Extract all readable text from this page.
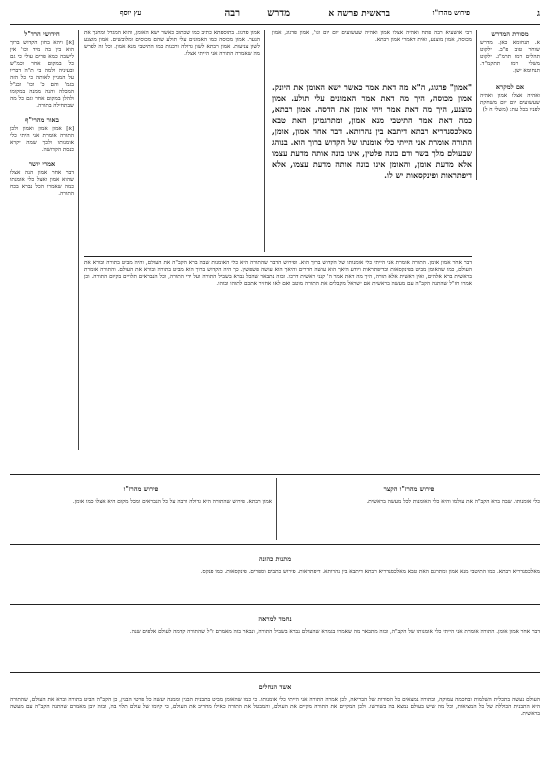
ג
פירוש מהרז"ו
בראשית פרשה א
מדרש
רבה
עץ יוסף

מסורת המדרש

א. תנחומא כאן. מדרש שוחר טוב פ"ב. ילקוט תהלים רמז תרמ"ג. ילקוט משלי רמז תתקמ"ד. תנחומא ישן.

אם למקרא

ואהיה אצלו אמון ואהיה שעשועים יום יום משחקת לפניו בכל עת: (משלי ח ל)

חידושי הרד"ל

[א] ויהא בחון הקדוש ברוך הוא בין בה מיד וכו' אין לישבה כמא פרים עולי כי גם כל במקום אחר וכמ"ש ובעיניה ולמה בי ת"ה דבריו על המניין לאותה כי כל הזה בגמ' והם כ' וכו' ובנ"ל המכלה והנה ממנה במקומו ולהלן במקום אחר וגם כל מה שבתחילה בתורה.

באור מהרי"ף

[א] אמון אמון ואמון ולכן התורה אומרת אני היתי כלי אומנותו ולכך שמה יקרא כנסת הקדושה.

אמרי יושר

דבר אחר אמון הנה אצלו שהוא אמון ואצל כלי אומנתו כמה שאמרו הכל נברא בכח התורה.

רבי אושעיא רבה פתח ואהיה אצלו אמון ואהיה שעשועים יום יום וגו', אמון פדגוג, אמון מכוסה, אמון מוצנע, ואית דאמרי אמון רבתא.

"אמון" פדגוג, ה"א מה דאת אמר כאשר ישא האומן את היונק. אמון מכוסה, היך מה דאת אמר האמונים עלי תולע. אמון מוצנע, היך מה דאת אמר ויהי אומן את הדסה. אמון רבתא, כמה דאת אמר התיטבי מנא אמון, ומתרגמינן האת טבא מאלכסנדריא רבתא דיתבא בין נהרותא. דבר אחר אמון, אומן, התורה אומרת אני הייתי כלי אומנתו של הקדוש ברוך הוא. בנוהג שבעולם מלך בשר ודם בונה פלטין, אינו בונה אותה מדעת עצמו אלא מדעת אומן, והאומן אינו בונה אותה מדעת עצמו, אלא דיפתראות ופינקסאות יש לו.

אמון פדגוג. בתוספתא כתיב כמו שכתוב כאשר ישא האומן, והוא המגדל ומחנך את הנער. אמון מכוסה כמו האמונים עלי תולע שהם מכוסים ומלובשים. אמון מוצנע לשון צניעות. אמון רבתא לשון גדולה ורבנות כמו התיטבי מנא אמון. וכל זה לפרש מה שאמרה התורה אני הייתי אצלו.

דבר אחר אמון אומן. התורה אומרת אני הייתי כלי אומנותו של הקדוש ברוך הוא. ופירוש הדבר שהתורה היא כלי האומנות שבה ברא הקב"ה את העולם, והיה מביט בתורה ובורא את העולם, כמו שהאומן מביט בפינקסאות ובדיפתראות ויודע היאך הוא עושה חדרים והיאך הוא עושה פשפשין. כך היה הקדוש ברוך הוא מביט בתורה ובורא את העולם. והתורה אומרת בראשית ברא אלהים, ואין ראשית אלא תורה, היך מה דאת אמר ה' קנני ראשית דרכו. ובזה נתבאר שהכל נברא בשביל התורה ועל ידי התורה, וכל הנבראים תלויים בקיום התורה. וכן אמרו חז"ל שהתנה הקב"ה עם מעשה בראשית אם ישראל מקבלים את התורה מוטב ואם לאו אחזיר אתכם לתוהו ובוהו.

פירוש מהרז"ו הקצר

כלי אומנותו. שבה ברא הקב"ה את עולמו והיא כלי האומנות לכל מעשה בראשית.

פירוש מהרז"ו

אמון רבתא. פירוש שהתורה היא גדולה ורבה על כל הנבראים ומכל מקום היא אצלו כמו אומן.

מתנות כהונה

מאלכסנדריא רבתא. כמו התיטבי מנא אמון ומתרגם האת טבא מאלכסנדריא רבתא דיתבא בין נהרותא. דיפתראות. פירוש כתבים וספרים. פינקסאות. כמו פנקס.

נחמד למראה

דבר אחר אמון אומן. התורה אומרת אני הייתי כלי אומנותו של הקב"ה, ובזה מתבאר מה שאמרו בגמרא שהעולם נברא בשביל התורה, ונבאר בזה מאמרם ז"ל שהתורה קדמה לעולם אלפים שנה.

אשד הנחלים

העולם נעשה בתכלית השלמות ובחכמה עמוקה, ובתורה נמצאים כל הסודות של הבריאה, לכן אמרה התורה אני הייתי כלי אומנותו. כי כמו שהאומן מביט בתבנית הבנין וממנה יעשה כל פרטי הבנין, כן הקב"ה הביט בתורה וברא את העולם, שהתורה היא התבנית הכוללת של כל המציאות, וכל מה שיש בעולם נמצא בה בשורשו. ולכן המקיים את התורה מקיים את העולם, והמבטל את התורה כאילו מחריב את העולם, כי קיומו של עולם תלוי בה, ובזה יובן מאמרם שהתנה הקב"ה עם מעשה בראשית.
